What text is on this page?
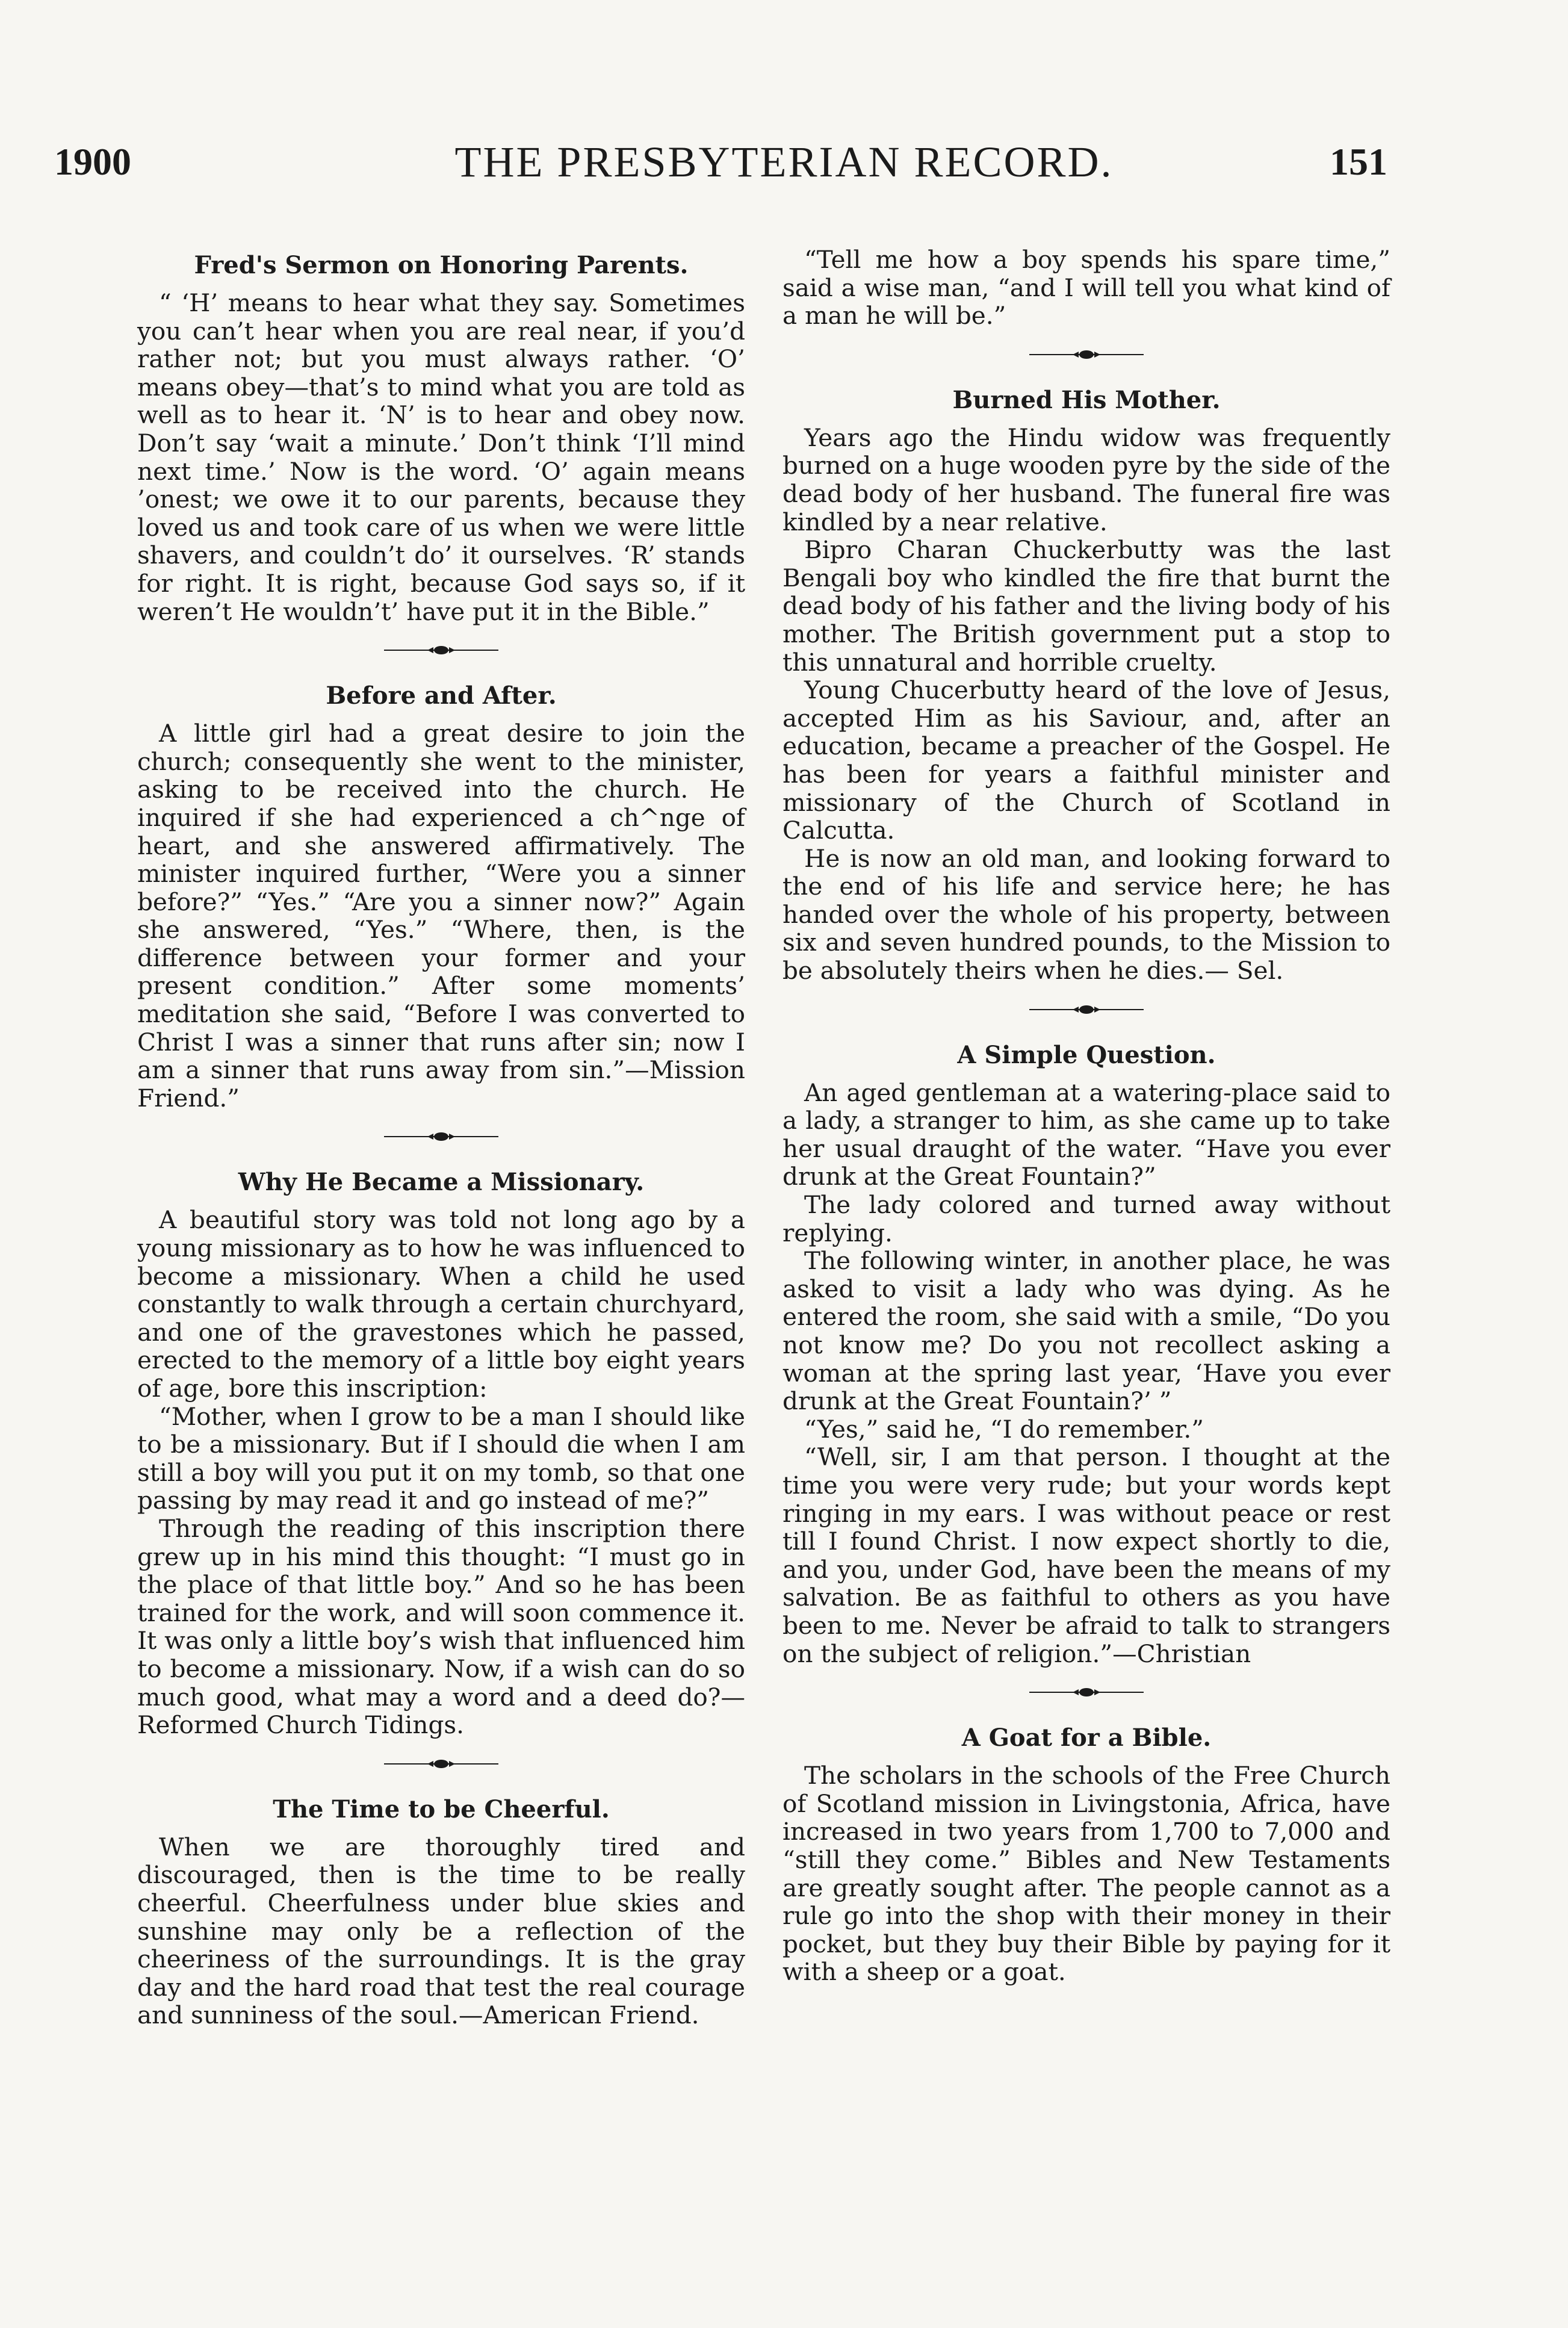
1900	THE PRESBYTERIAN RECORD.	151
Fred's Sermon on Honoring Parents.

“ ‘H’ means to hear what they say. Sometimes you can’t hear when you are real near, if you’d rather not; but you must always rather. ‘O’ means obey—that’s to mind what you are told as well as to hear it. ‘N’ is to hear and obey now. Don’t say ‘wait a minute.’ Don’t think ‘I’ll mind next time.’ Now is the word. ‘O’ again means ’onest; we owe it to our parents, because they loved us and took care of us when we were little shavers, and couldn’t do’ it ourselves. ‘R’ stands for right. It is right, because God says so, if it weren’t He wouldn’t’ have put it in the Bible.”

Before and After.

A little girl had a great desire to join the church; consequently she went to the minister, asking to be received into the church. He inquired if she had experienced a ch^nge of heart, and she answered affirmatively. The minister inquired further, “Were you a sinner before?” “Yes.” “Are you a sinner now?” Again she answered, “Yes.” “Where, then, is the difference between your former and your present condition.” After some moments’ meditation she said, “Before I was converted to Christ I was a sinner that runs after sin; now I am a sinner that runs away from sin.”—Mission Friend.”

Why He Became a Missionary.

A beautiful story was told not long ago by a young missionary as to how he was influenced to become a missionary. When a child he used constantly to walk through a certain churchyard, and one of the gravestones which he passed, erected to the memory of a little boy eight years of age, bore this inscription:

“Mother, when I grow to be a man I should like to be a missionary. But if I should die when I am still a boy will you put it on my tomb, so that one passing by may read it and go instead of me?”

Through the reading of this inscription there grew up in his mind this thought: “I must go in the place of that little boy.” And so he has been trained for the work, and will soon commence it. It was only a little boy’s wish that influenced him to become a missionary. Now, if a wish can do so much good, what may a word and a deed do?—Reformed Church Tidings.

The Time to be Cheerful.

When we are thoroughly tired and discouraged, then is the time to be really cheerful. Cheerfulness under blue skies and sunshine may only be a reflection of the cheeriness of the surroundings. It is the gray day and the hard road that test the real courage and sunniness of the soul.—American Friend.

“Tell me how a boy spends his spare time,” said a wise man, “and I will tell you what kind of a man he will be.”

Burned His Mother.

Years ago the Hindu widow was frequently burned on a huge wooden pyre by the side of the dead body of her husband. The funeral fire was kindled by a near relative.

Bipro Charan Chuckerbutty was the last Bengali boy who kindled the fire that burnt the dead body of his father and the living body of his mother. The British government put a stop to this unnatural and horrible cruelty.

Young Chucerbutty heard of the love of Jesus, accepted Him as his Saviour, and, after an education, became a preacher of the Gospel. He has been for years a faithful minister and missionary of the Church of Scotland in Calcutta.

He is now an old man, and looking forward to the end of his life and service here; he has handed over the whole of his property, between six and seven hundred pounds, to the Mission to be absolutely theirs when he dies.— Sel.

A Simple Question.

An aged gentleman at a watering-place said to a lady, a stranger to him, as she came up to take her usual draught of the water. “Have you ever drunk at the Great Fountain?”

The lady colored and turned away without replying.

The following winter, in another place, he was asked to visit a lady who was dying. As he entered the room, she said with a smile, “Do you not know me? Do you not recollect asking a woman at the spring last year, ‘Have you ever drunk at the Great Fountain?’ ”

“Yes,” said he, “I do remember.”

“Well, sir, I am that person. I thought at the time you were very rude; but your words kept ringing in my ears. I was without peace or rest till I found Christ. I now expect shortly to die, and you, under God, have been the means of my salvation. Be as faithful to others as you have been to me. Never be afraid to talk to strangers on the subject of religion.”—Christian

A Goat for a Bible.

The scholars in the schools of the Free Church of Scotland mission in Livingstonia, Africa, have increased in two years from 1,700 to 7,000 and “still they come.” Bibles and New Testaments are greatly sought after. The people cannot as a rule go into the shop with their money in their pocket, but they buy their Bible by paying for it with a sheep or a goat.
